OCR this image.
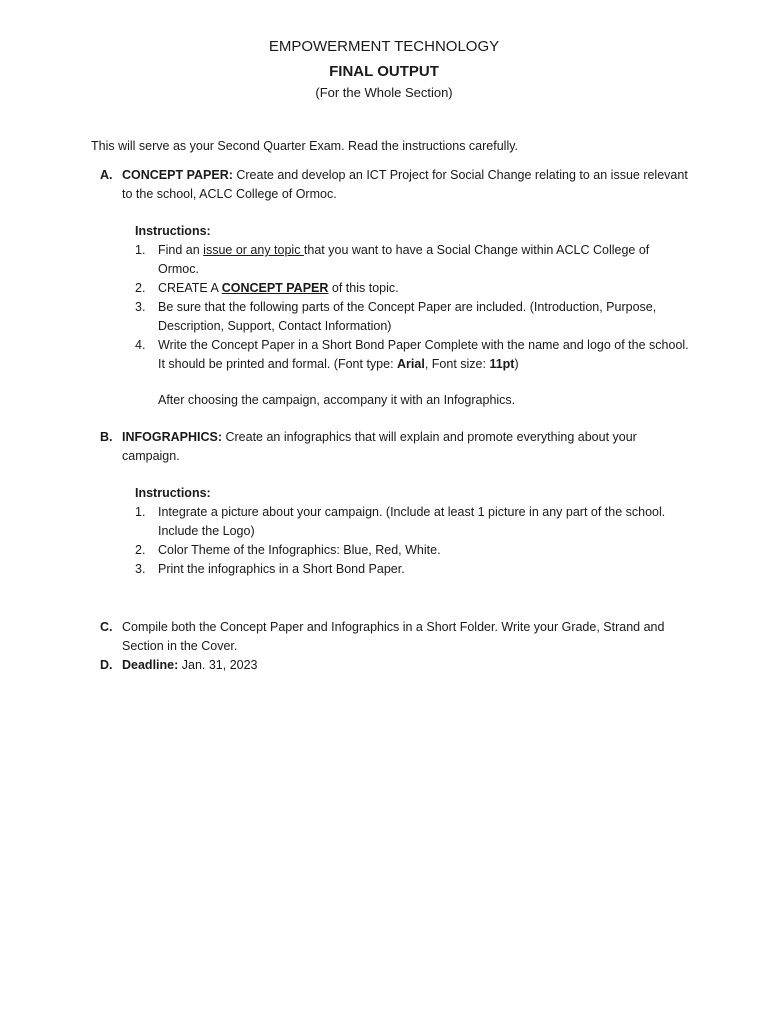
EMPOWERMENT TECHNOLOGY
FINAL OUTPUT
(For the Whole Section)
This will serve as your Second Quarter Exam. Read the instructions carefully.
A. CONCEPT PAPER: Create and develop an ICT Project for Social Change relating to an issue relevant to the school, ACLC College of Ormoc.
Instructions:
1. Find an issue or any topic that you want to have a Social Change within ACLC College of Ormoc.
2. CREATE A CONCEPT PAPER of this topic.
3. Be sure that the following parts of the Concept Paper are included. (Introduction, Purpose, Description, Support, Contact Information)
4. Write the Concept Paper in a Short Bond Paper Complete with the name and logo of the school. It should be printed and formal. (Font type: Arial, Font size: 11pt)
After choosing the campaign, accompany it with an Infographics.
B. INFOGRAPHICS: Create an infographics that will explain and promote everything about your campaign.
Instructions:
1. Integrate a picture about your campaign. (Include at least 1 picture in any part of the school. Include the Logo)
2. Color Theme of the Infographics: Blue, Red, White.
3. Print the infographics in a Short Bond Paper.
C. Compile both the Concept Paper and Infographics in a Short Folder. Write your Grade, Strand and Section in the Cover.
D. Deadline: Jan. 31, 2023
